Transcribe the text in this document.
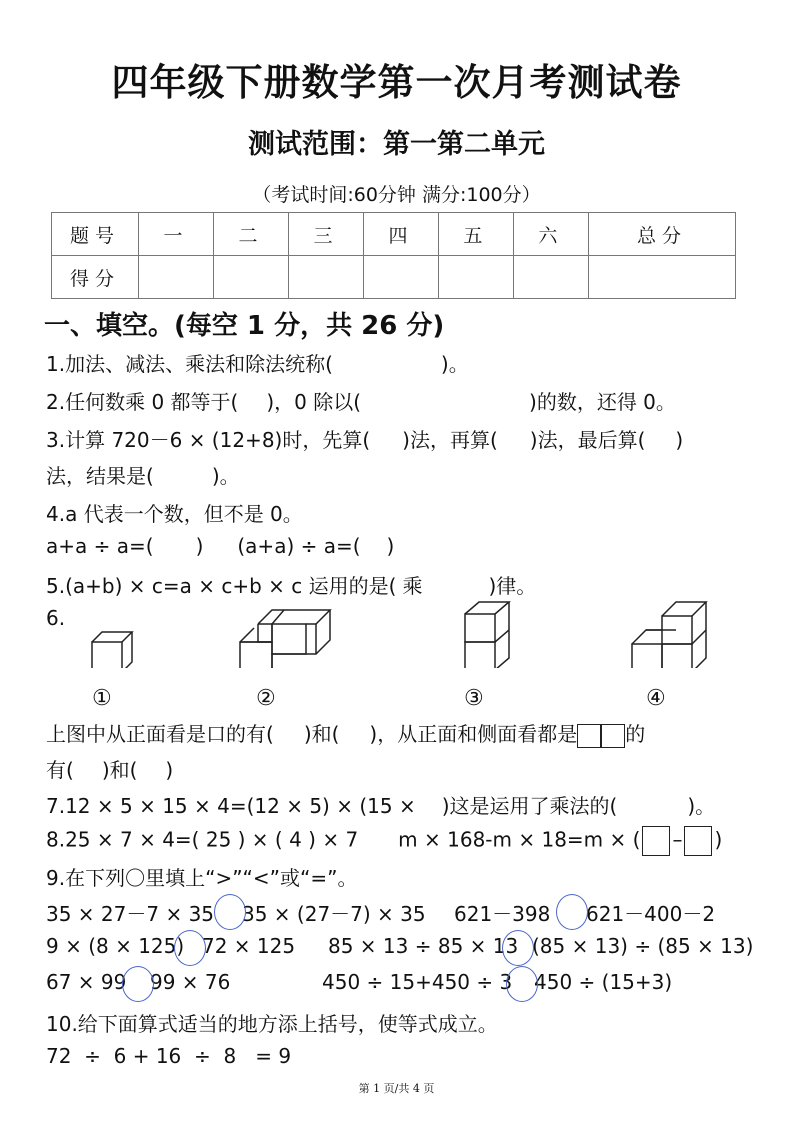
四年级下册数学第一次月考测试卷
测试范围：第一第二单元
（考试时间:60分钟 满分:100分）
题号	一	二	三	四	五	六	总分
得分							
一、填空。(每空 1 分，共 26 分)
1.加法、减法、乘法和除法统称(	)。
2.任何数乘 0 都等于( )，0 除以(	)的数，还得 0。
3.计算 720－6 × (12+8)时，先算( )法，再算( )法，最后算( )
法，结果是(	)。
4.a 代表一个数，但不是 0。
a+a ÷ a=( ) (a+a) ÷ a=( )
5.(a+b) × c=a × c+b × c 运用的是( 乘	)律。
6.
①	②	③	④
上图中从正面看是口的有( )和( )，从正面和侧面看都是 的
有( )和( )
7.12 × 5 × 15 × 4=(12 × 5) × (15 × )这是运用了乘法的(	)。
8.25 × 7 × 4=( 25 ) × ( 4 ) × 7 m × 168-m × 18=m × ( – )
9.在下列〇里填上“>”“<”或“=”。
35 × 27－7 × 35 35 × (27－7) × 35 621－398 621－400－2
9 × (8 × 125) 72 × 125 85 × 13 ÷ 85 × 13 (85 × 13) ÷ (85 × 13)
67 × 99 99 × 76	450 ÷ 15+450 ÷ 3 450 ÷ (15+3)
10.给下面算式适当的地方添上括号，使等式成立。
72  ÷  6 + 16  ÷  8   = 9
第 1 页/共 4 页
